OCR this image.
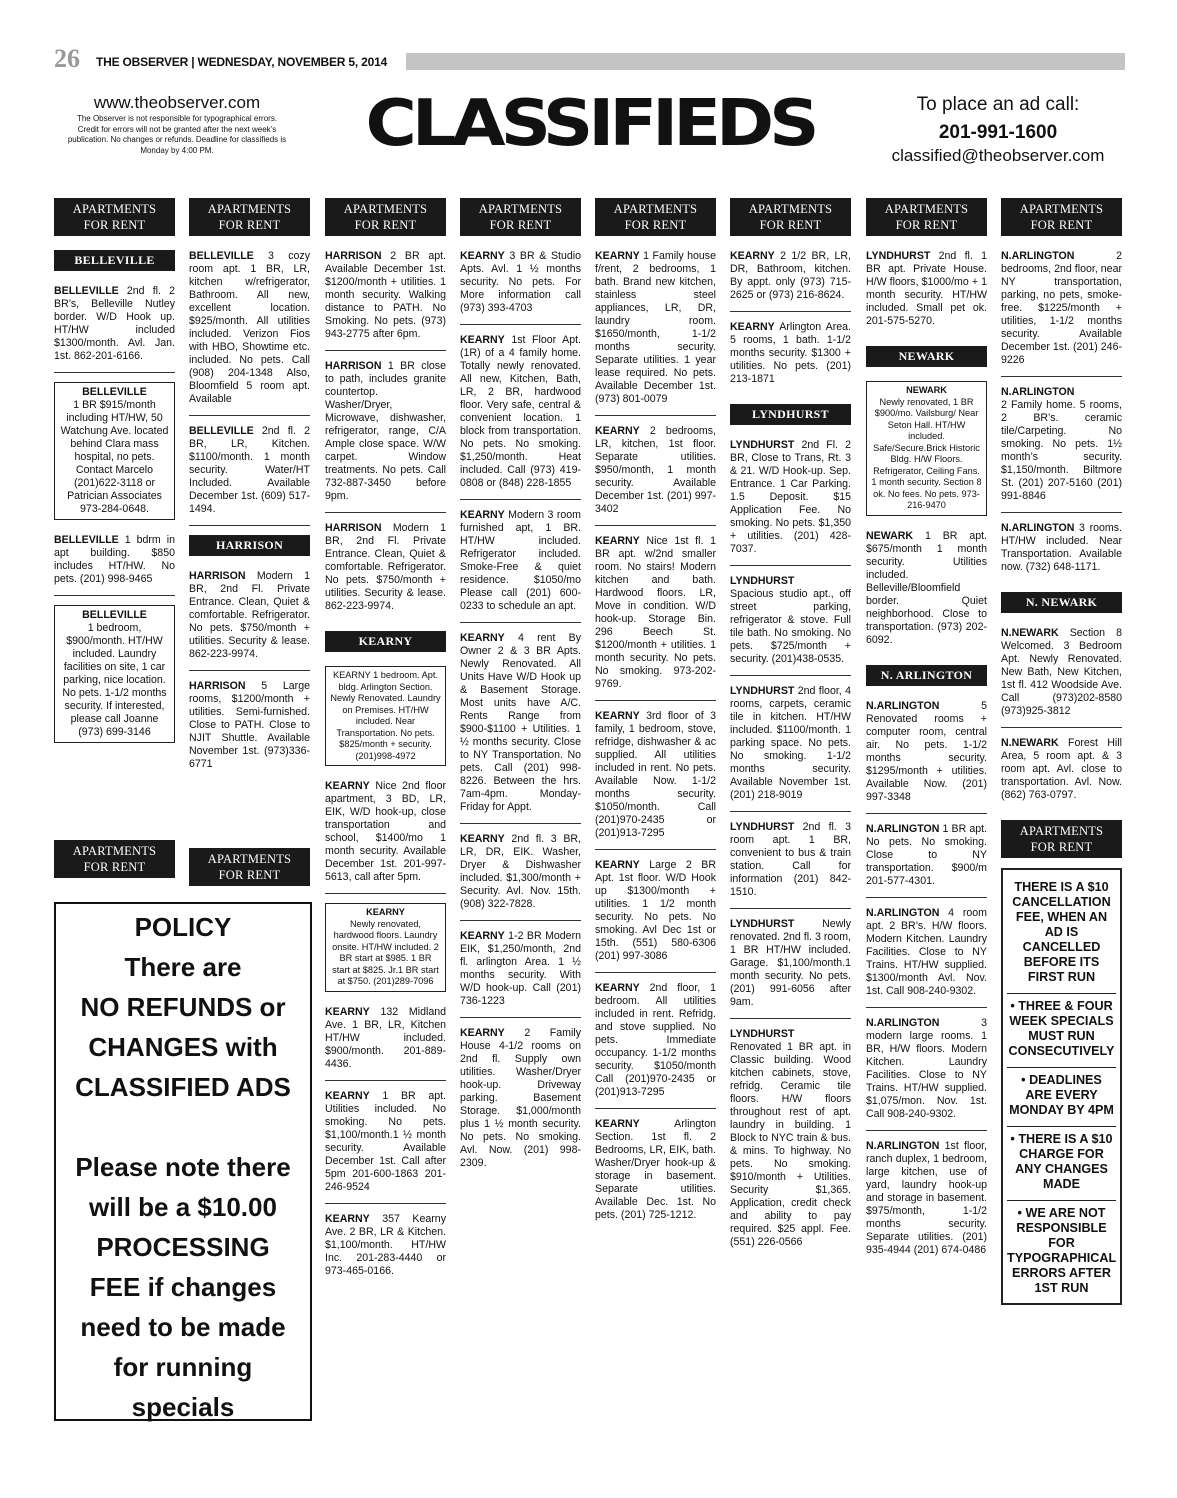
26 THE OBSERVER | WEDNESDAY, NOVEMBER 5, 2014
www.theobserver.com
The Observer is not responsible for typographical errors. Credit for errors will not be granted after the next week’s publication. No changes or refunds. Deadline for classifieds is Monday by 4:00 PM.	CLASSIFIEDS	To place an ad call:
201-991-1600
classified@theobserver.com
POLICY
There are
NO REFUNDS or
CHANGES with
CLASSIFIED ADS

Please note there
will be a $10.00
PROCESSING
FEE if changes
need to be made
for running
specials
APARTMENTS
FOR RENT
BELLEVILLE
BELLEVILLE 2nd fl. 2 BR’s, Belleville Nutley border. W/D Hook up. HT/HW included $1300/month. Avl. Jan. 1st. 862-201-6166.
BELLEVILLE
1 BR $915/month including HT/HW, 50 Watchung Ave. located behind Clara mass hospital, no pets.
Contact Marcelo (201)622-3118 or Patrician Associates 973-284-0648.
BELLEVILLE 1 bdrm in apt building. $850 includes HT/HW. No pets. (201) 998-9465
BELLEVILLE
1 bedroom, $900/month. HT/HW included. Laundry facilities on site, 1 car parking, nice location. No pets. 1-1/2 months security. If interested, please call Joanne (973) 699-3146
APARTMENTS
FOR RENT
APARTMENTS
FOR RENT
BELLEVILLE 3 cozy room apt. 1 BR, LR, kitchen w/refrigerator, Bathroom. All new, excellent location. $925/month. All utilities included. Verizon Fios with HBO, Showtime etc. included. No pets. Call (908) 204-1348 Also, Bloomfield 5 room apt. Available
BELLEVILLE 2nd fl. 2 BR, LR, Kitchen. $1100/month. 1 month security. Water/HT Included. Available December 1st. (609) 517-1494.
HARRISON
HARRISON Modern 1 BR, 2nd Fl. Private Entrance. Clean, Quiet & comfortable. Refrigerator. No pets. $750/month + utilities. Security & lease. 862-223-9974.
HARRISON 5 Large rooms, $1200/month + utilities. Semi-furnished. Close to PATH. Close to NJIT Shuttle. Available November 1st. (973)336-6771
APARTMENTS
FOR RENT
APARTMENTS
FOR RENT
HARRISON 2 BR apt. Available December 1st. $1200/month + utilities. 1 month security. Walking distance to PATH. No Smoking. No pets. (973) 943-2775 after 6pm.
HARRISON 1 BR close to path, includes granite countertop. Washer/Dryer, Microwave, dishwasher, refrigerator, range, C/A Ample close space. W/W carpet. Window treatments. No pets. Call 732-887-3450 before 9pm.
HARRISON Modern 1 BR, 2nd Fl. Private Entrance. Clean, Quiet & comfortable. Refrigerator. No pets. $750/month + utilities. Security & lease. 862-223-9974.
KEARNY
KEARNY 1 bedroom. Apt. bldg. Arlington Section. Newly Renovated. Laundry on Premises. HT/HW included. Near Transportation. No pets. $825/month + security. (201)998-4972
KEARNY Nice 2nd floor apartment, 3 BD, LR, EIK, W/D hook-up, close transportation and school, $1400/mo 1 month security. Available December 1st. 201-997-5613, call after 5pm.
KEARNY
Newly renovated, hardwood floors. Laundry onsite. HT/HW included. 2 BR start at $985. 1 BR start at $825. Jr.1 BR start at $750. (201)289-7096
KEARNY 132 Midland Ave. 1 BR, LR, Kitchen HT/HW included. $900/month. 201-889-4436.
KEARNY 1 BR apt. Utilities included. No smoking. No pets. $1,100/month.1 ½ month security. Available December 1st. Call after 5pm 201-600-1863 201-246-9524
KEARNY 357 Kearny Ave. 2 BR, LR & Kitchen. $1,100/month. HT/HW Inc. 201-283-4440 or 973-465-0166.
APARTMENTS
FOR RENT
KEARNY 3 BR & Studio Apts. Avl. 1 ½ months security. No pets. For More information call (973) 393-4703
KEARNY 1st Floor Apt. (1R) of a 4 family home. Totally newly renovated. All new, Kitchen, Bath, LR, 2 BR, hardwood floor. Very safe, central & convenient location. 1 block from transportation. No pets. No smoking. $1,250/month. Heat included. Call (973) 419-0808 or (848) 228-1855
KEARNY Modern 3 room furnished apt, 1 BR. HT/HW included. Refrigerator included. Smoke-Free & quiet residence. $1050/mo Please call (201) 600-0233 to schedule an apt.
KEARNY 4 rent By Owner 2 & 3 BR Apts. Newly Renovated. All Units Have W/D Hook up & Basement Storage. Most units have A/C. Rents Range from $900-$1100 + Utilities. 1 ½ months security. Close to NY Transportation. No pets. Call (201) 998-8226. Between the hrs. 7am-4pm. Monday-Friday for Appt.
KEARNY 2nd fl. 3 BR, LR, DR, EIK. Washer, Dryer & Dishwasher included. $1,300/month + Security. Avl. Nov. 15th. (908) 322-7828.
KEARNY 1-2 BR Modern EIK, $1,250/month, 2nd fl. arlington Area. 1 ½ months security. With W/D hook-up. Call (201) 736-1223
KEARNY 2 Family House 4-1/2 rooms on 2nd fl. Supply own utilities. Washer/Dryer hook-up. Driveway parking. Basement Storage. $1,000/month plus 1 ½ month security. No pets. No smoking. Avl. Now. (201) 998-2309.
APARTMENTS
FOR RENT
KEARNY 1 Family house f/rent, 2 bedrooms, 1 bath. Brand new kitchen, stainless steel appliances, LR, DR, laundry room. $1650/month, 1-1/2 months security. Separate utilities. 1 year lease required. No pets. Available December 1st. (973) 801-0079
KEARNY 2 bedrooms, LR, kitchen, 1st floor. Separate utilities. $950/month, 1 month security. Available December 1st. (201) 997-3402
KEARNY Nice 1st fl. 1 BR apt. w/2nd smaller room. No stairs! Modern kitchen and bath. Hardwood floors. LR, Move in condition. W/D hook-up. Storage Bin. 296 Beech St. $1200/month + utilities. 1 month security. No pets. No smoking. 973-202-9769.
KEARNY 3rd floor of 3 family, 1 bedroom, stove, refridge, dishwasher & ac supplied. All utilities included in rent. No pets. Available Now. 1-1/2 months security. $1050/month. Call (201)970-2435 or (201)913-7295
KEARNY Large 2 BR Apt. 1st floor. W/D Hook up $1300/month + utilities. 1 1/2 month security. No pets. No smoking. Avl Dec 1st or 15th. (551) 580-6306 (201) 997-3086
KEARNY 2nd floor, 1 bedroom. All utilities included in rent. Refridg. and stove supplied. No pets. Immediate occupancy. 1-1/2 months security. $1050/month Call (201)970-2435 or (201)913-7295
KEARNY Arlington Section. 1st fl. 2 Bedrooms, LR, EIK, bath. Washer/Dryer hook-up & storage in basement. Separate utilities. Available Dec. 1st. No pets. (201) 725-1212.
APARTMENTS
FOR RENT
KEARNY 2 1/2 BR, LR, DR, Bathroom, kitchen. By appt. only (973) 715-2625 or (973) 216-8624.
KEARNY Arlington Area. 5 rooms, 1 bath. 1-1/2 months security. $1300 + utilities. No pets. (201) 213-1871
LYNDHURST
LYNDHURST 2nd Fl. 2 BR, Close to Trans, Rt. 3 & 21. W/D Hook-up. Sep. Entrance. 1 Car Parking. 1.5 Deposit. $15 Application Fee. No smoking. No pets. $1,350 + utilities. (201) 428-7037.
LYNDHURST
Spacious studio apt., off street parking, refrigerator & stove. Full tile bath. No smoking. No pets. $725/month + security. (201)438-0535.
LYNDHURST 2nd floor, 4 rooms, carpets, ceramic tile in kitchen. HT/HW included. $1100/month. 1 parking space. No pets. No smoking. 1-1/2 months security. Available November 1st. (201) 218-9019
LYNDHURST 2nd fl. 3 room apt. 1 BR, convenient to bus & train station. Call for information (201) 842-1510.
LYNDHURST Newly renovated. 2nd fl. 3 room, 1 BR HT/HW included. Garage. $1,100/month.1 month security. No pets. (201) 991-6056 after 9am.
LYNDHURST
Renovated 1 BR apt. in Classic building. Wood kitchen cabinets, stove, refridg. Ceramic tile floors. H/W floors throughout rest of apt. laundry in building. 1 Block to NYC train & bus. & mins. To highway. No pets. No smoking. $910/month + Utilities. Security $1,365. Application, credit check and ability to pay required. $25 appl. Fee. (551) 226-0566
APARTMENTS
FOR RENT
LYNDHURST 2nd fl. 1 BR apt. Private House. H/W floors, $1000/mo + 1 month security. HT/HW included. Small pet ok. 201-575-5270.
NEWARK
NEWARK
Newly renovated, 1 BR $900/mo. Vailsburg/ Near Seton Hall. HT/HW included. Safe/Secure.Brick Historic Bldg. H/W Floors. Refrigerator, Ceiling Fans. 1 month security. Section 8 ok. No fees. No pets. 973-216-9470
NEWARK 1 BR apt. $675/month 1 month security. Utilities included. Belleville/Bloomfield border. Quiet neighborhood. Close to transportation. (973) 202-6092.
N. ARLINGTON
N.ARLINGTON 5 Renovated rooms + computer room, central air. No pets. 1-1/2 months security. $1295/month + utilities. Available Now. (201) 997-3348
N.ARLINGTON 1 BR apt. No pets. No smoking. Close to NY transportation. $900/m 201-577-4301.
N.ARLINGTON 4 room apt. 2 BR’s. H/W floors. Modern Kitchen. Laundry Facilities. Close to NY Trains. HT/HW supplied. $1300/month Avl. Nov. 1st. Call 908-240-9302.
N.ARLINGTON 3 modern large rooms. 1 BR, H/W floors. Modern Kitchen. Laundry Facilities. Close to NY Trains. HT/HW supplied. $1,075/mon. Nov. 1st. Call 908-240-9302.
N.ARLINGTON 1st floor, ranch duplex, 1 bedroom, large kitchen, use of yard, laundry hook-up and storage in basement. $975/month, 1-1/2 months security. Separate utilities. (201) 935-4944 (201) 674-0486
APARTMENTS
FOR RENT
N.ARLINGTON 2 bedrooms, 2nd floor, near NY transportation, parking, no pets, smoke-free. $1225/month + utilities, 1-1/2 months security. Available December 1st. (201) 246-9226
N.ARLINGTON
2 Family home. 5 rooms, 2 BR’s. ceramic tile/Carpeting. No smoking. No pets. 1½ month’s security. $1,150/month. Biltmore St. (201) 207-5160 (201) 991-8846
N.ARLINGTON 3 rooms. HT/HW included. Near Transportation. Available now. (732) 648-1171.
N. NEWARK
N.NEWARK Section 8 Welcomed. 3 Bedroom Apt. Newly Renovated. New Bath, New Kitchen, 1st fl. 412 Woodside Ave. Call (973)202-8580 (973)925-3812
N.NEWARK Forest Hill Area, 5 room apt. & 3 room apt. Avl. close to transportation. Avl. Now. (862) 763-0797.
APARTMENTS
FOR RENT
THERE IS A $10 CANCELLATION FEE, WHEN AN AD IS CANCELLED BEFORE ITS FIRST RUN
• THREE & FOUR WEEK SPECIALS MUST RUN CONSECUTIVELY
• DEADLINES ARE EVERY MONDAY BY 4PM
• THERE IS A $10 CHARGE FOR ANY CHANGES MADE
• WE ARE NOT RESPONSIBLE FOR TYPOGRAPHICAL ERRORS AFTER 1ST RUN
